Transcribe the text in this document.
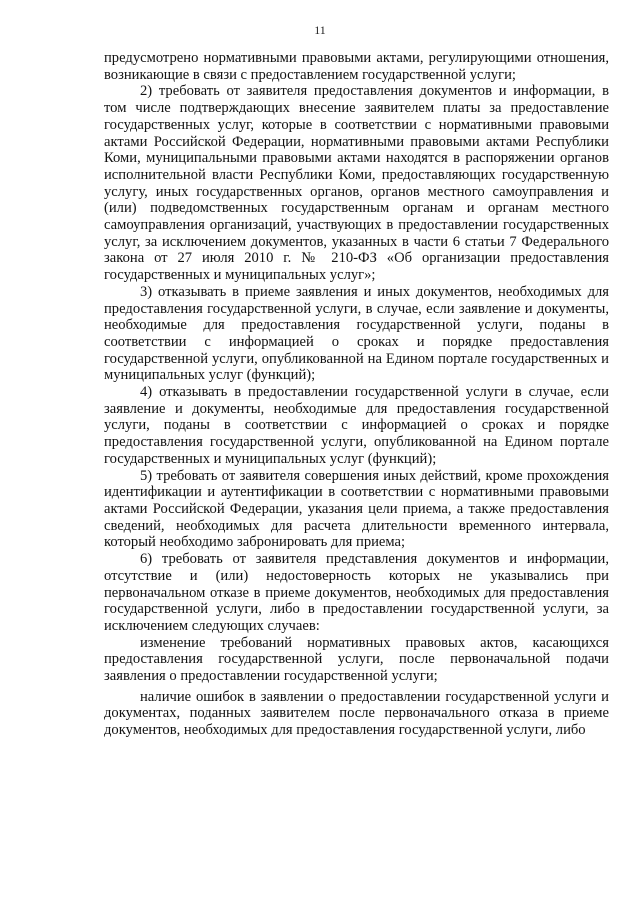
11

предусмотрено нормативными правовыми актами, регулирующими отношения, возникающие в связи с предоставлением государственной услуги;

2) требовать от заявителя предоставления документов и информации, в том числе подтверждающих внесение заявителем платы за предоставление государственных услуг, которые в соответствии с нормативными правовыми актами Российской Федерации, нормативными правовыми актами Республики Коми, муниципальными правовыми актами находятся в распоряжении органов исполнительной власти Республики Коми, предоставляющих государственную услугу, иных государственных органов, органов местного самоуправления и (или) подведомственных государственным органам и органам местного самоуправления организаций, участвующих в предоставлении государственных услуг, за исключением документов, указанных в части 6 статьи 7 Федерального закона от 27 июля 2010 г. № 210-ФЗ «Об организации предоставления государственных и муниципальных услуг»;

3) отказывать в приеме заявления и иных документов, необходимых для предоставления государственной услуги, в случае, если заявление и документы, необходимые для предоставления государственной услуги, поданы в соответствии с информацией о сроках и порядке предоставления государственной услуги, опубликованной на Едином портале государственных и муниципальных услуг (функций);

4) отказывать в предоставлении государственной услуги в случае, если заявление и документы, необходимые для предоставления государственной услуги, поданы в соответствии с информацией о сроках и порядке предоставления государственной услуги, опубликованной на Едином портале государственных и муниципальных услуг (функций);

5) требовать от заявителя совершения иных действий, кроме прохождения идентификации и аутентификации в соответствии с нормативными правовыми актами Российской Федерации, указания цели приема, а также предоставления сведений, необходимых для расчета длительности временного интервала, который необходимо забронировать для приема;

6) требовать от заявителя представления документов и информации, отсутствие и (или) недостоверность которых не указывались при первоначальном отказе в приеме документов, необходимых для предоставления государственной услуги, либо в предоставлении государственной услуги, за исключением следующих случаев:

изменение требований нормативных правовых актов, касающихся предоставления государственной услуги, после первоначальной подачи заявления о предоставлении государственной услуги;

наличие ошибок в заявлении о предоставлении государственной услуги и документах, поданных заявителем после первоначального отказа в приеме документов, необходимых для предоставления государственной услуги, либо
